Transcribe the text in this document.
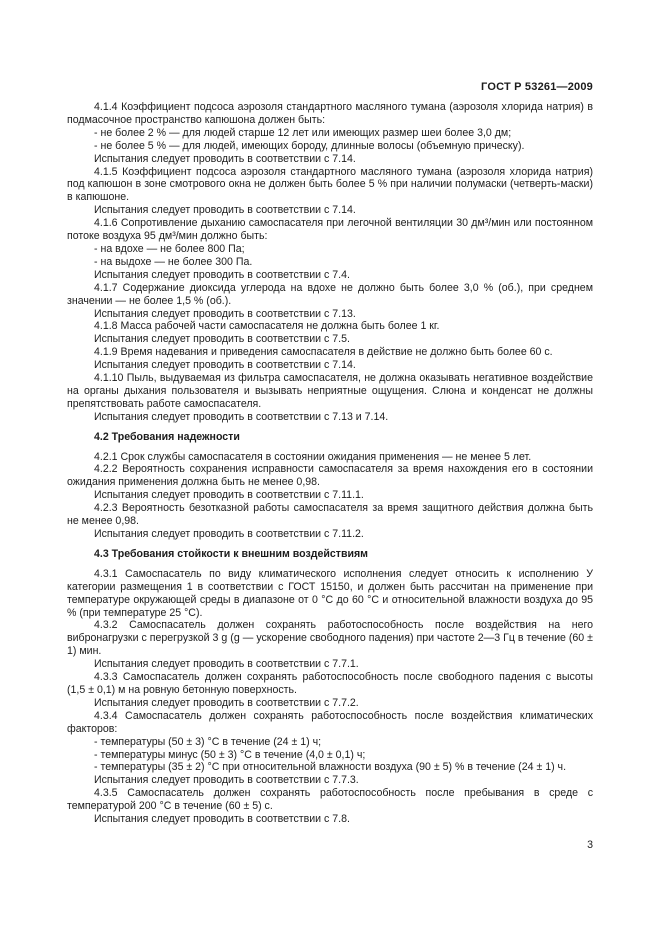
ГОСТ Р 53261—2009

4.1.4 Коэффициент подсоса аэрозоля стандартного масляного тумана (аэрозоля хлорида натрия) в подмасочное пространство капюшона должен быть:

- не более 2 % — для людей старше 12 лет или имеющих размер шеи более 3,0 дм;

- не более 5 % — для людей, имеющих бороду, длинные волосы (объемную прическу).

Испытания следует проводить в соответствии с 7.14.

4.1.5 Коэффициент подсоса аэрозоля стандартного масляного тумана (аэрозоля хлорида натрия) под капюшон в зоне смотрового окна не должен быть более 5 % при наличии полумаски (четверть-маски) в капюшоне.

Испытания следует проводить в соответствии с 7.14.

4.1.6 Сопротивление дыханию самоспасателя при легочной вентиляции 30 дм³/мин или постоянном потоке воздуха 95 дм³/мин должно быть:

- на вдохе — не более 800 Па;

- на выдохе — не более 300 Па.

Испытания следует проводить в соответствии с 7.4.

4.1.7 Содержание диоксида углерода на вдохе не должно быть более 3,0 % (об.), при среднем значении — не более 1,5 % (об.).

Испытания следует проводить в соответствии с 7.13.

4.1.8 Масса рабочей части самоспасателя не должна быть более 1 кг.

Испытания следует проводить в соответствии с 7.5.

4.1.9 Время надевания и приведения самоспасателя в действие не должно быть более 60 с.

Испытания следует проводить в соответствии с 7.14.

4.1.10 Пыль, выдуваемая из фильтра самоспасателя, не должна оказывать негативное воздействие на органы дыхания пользователя и вызывать неприятные ощущения. Слюна и конденсат не должны препятствовать работе самоспасателя.

Испытания следует проводить в соответствии с 7.13 и 7.14.

4.2 Требования надежности

4.2.1 Срок службы самоспасателя в состоянии ожидания применения — не менее 5 лет.

4.2.2 Вероятность сохранения исправности самоспасателя за время нахождения его в состоянии ожидания применения должна быть не менее 0,98.

Испытания следует проводить в соответствии с 7.11.1.

4.2.3 Вероятность безотказной работы самоспасателя за время защитного действия должна быть не менее 0,98.

Испытания следует проводить в соответствии с 7.11.2.

4.3 Требования стойкости к внешним воздействиям

4.3.1 Самоспасатель по виду климатического исполнения следует относить к исполнению У категории размещения 1 в соответствии с ГОСТ 15150, и должен быть рассчитан на применение при температуре окружающей среды в диапазоне от 0 °С до 60 °С и относительной влажности воздуха до 95 % (при температуре 25 °С).

4.3.2 Самоспасатель должен сохранять работоспособность после воздействия на него вибронагрузки с перегрузкой 3 g (g — ускорение свободного падения) при частоте 2—3 Гц в течение (60 ± 1) мин.

Испытания следует проводить в соответствии с 7.7.1.

4.3.3 Самоспасатель должен сохранять работоспособность после свободного падения с высоты (1,5 ± 0,1) м на ровную бетонную поверхность.

Испытания следует проводить в соответствии с 7.7.2.

4.3.4 Самоспасатель должен сохранять работоспособность после воздействия климатических факторов:

- температуры (50 ± 3) °С в течение (24 ± 1) ч;

- температуры минус (50 ± 3) °С в течение (4,0 ± 0,1) ч;

- температуры (35 ± 2) °С при относительной влажности воздуха (90 ± 5) % в течение (24 ± 1) ч.

Испытания следует проводить в соответствии с 7.7.3.

4.3.5 Самоспасатель должен сохранять работоспособность после пребывания в среде с температурой 200 °С в течение (60 ± 5) с.

Испытания следует проводить в соответствии с 7.8.

3
